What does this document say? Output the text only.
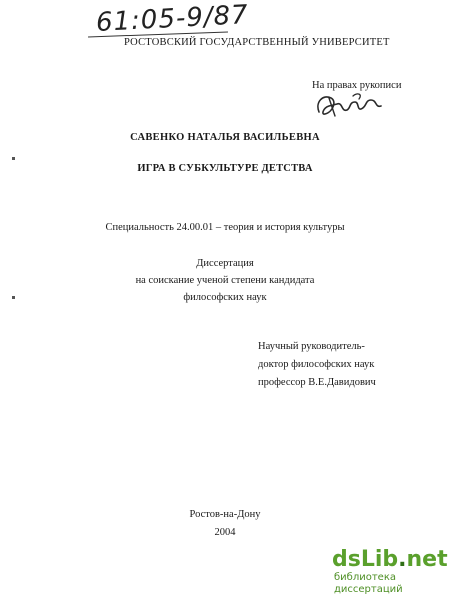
61:05-9/87
РОСТОВСКИЙ ГОСУДАРСТВЕННЫЙ УНИВЕРСИТЕТ
На правах рукописи
САВЕНКО НАТАЛЬЯ ВАСИЛЬЕВНА
ИГРА В СУБКУЛЬТУРЕ ДЕТСТВА
Специальность 24.00.01 – теория и история культуры
Диссертация
на соискание ученой степени кандидата
философских наук
Научный руководитель-
доктор философских наук
профессор В.Е.Давидович
Ростов-на-Дону
2004
dsLib.net
библиотека диссертаций
